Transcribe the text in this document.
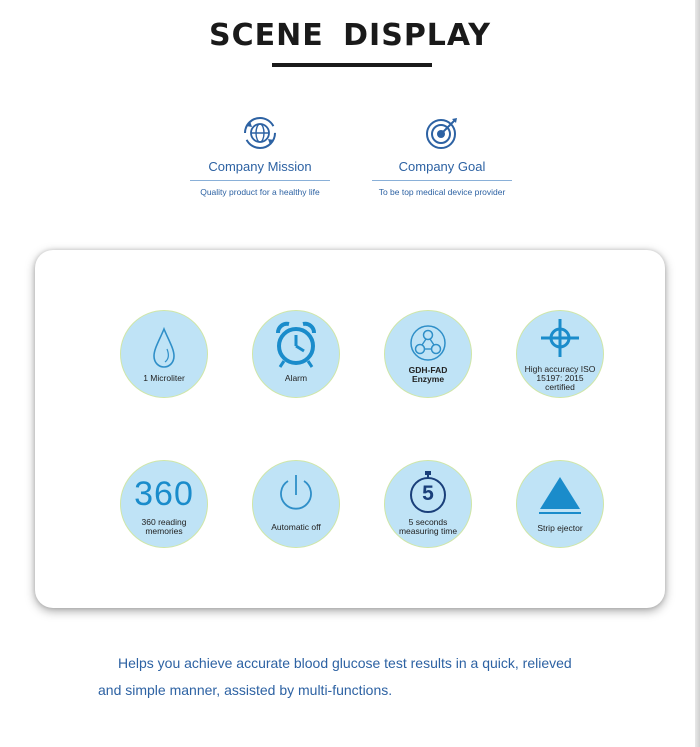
SCENE DISPLAY
Company Mission
Quality product for a healthy life
Company Goal
To be top medical device provider
1 Microliter	Alarm
GDH-FAD
Enzyme
High accuracy ISO
15197: 2015
certified
360
360 reading
memories	Automatic off
5
5 seconds
measuring time	Strip ejector
Helps you achieve accurate blood glucose test results in a quick, relieved
and simple manner, assisted by multi-functions.
